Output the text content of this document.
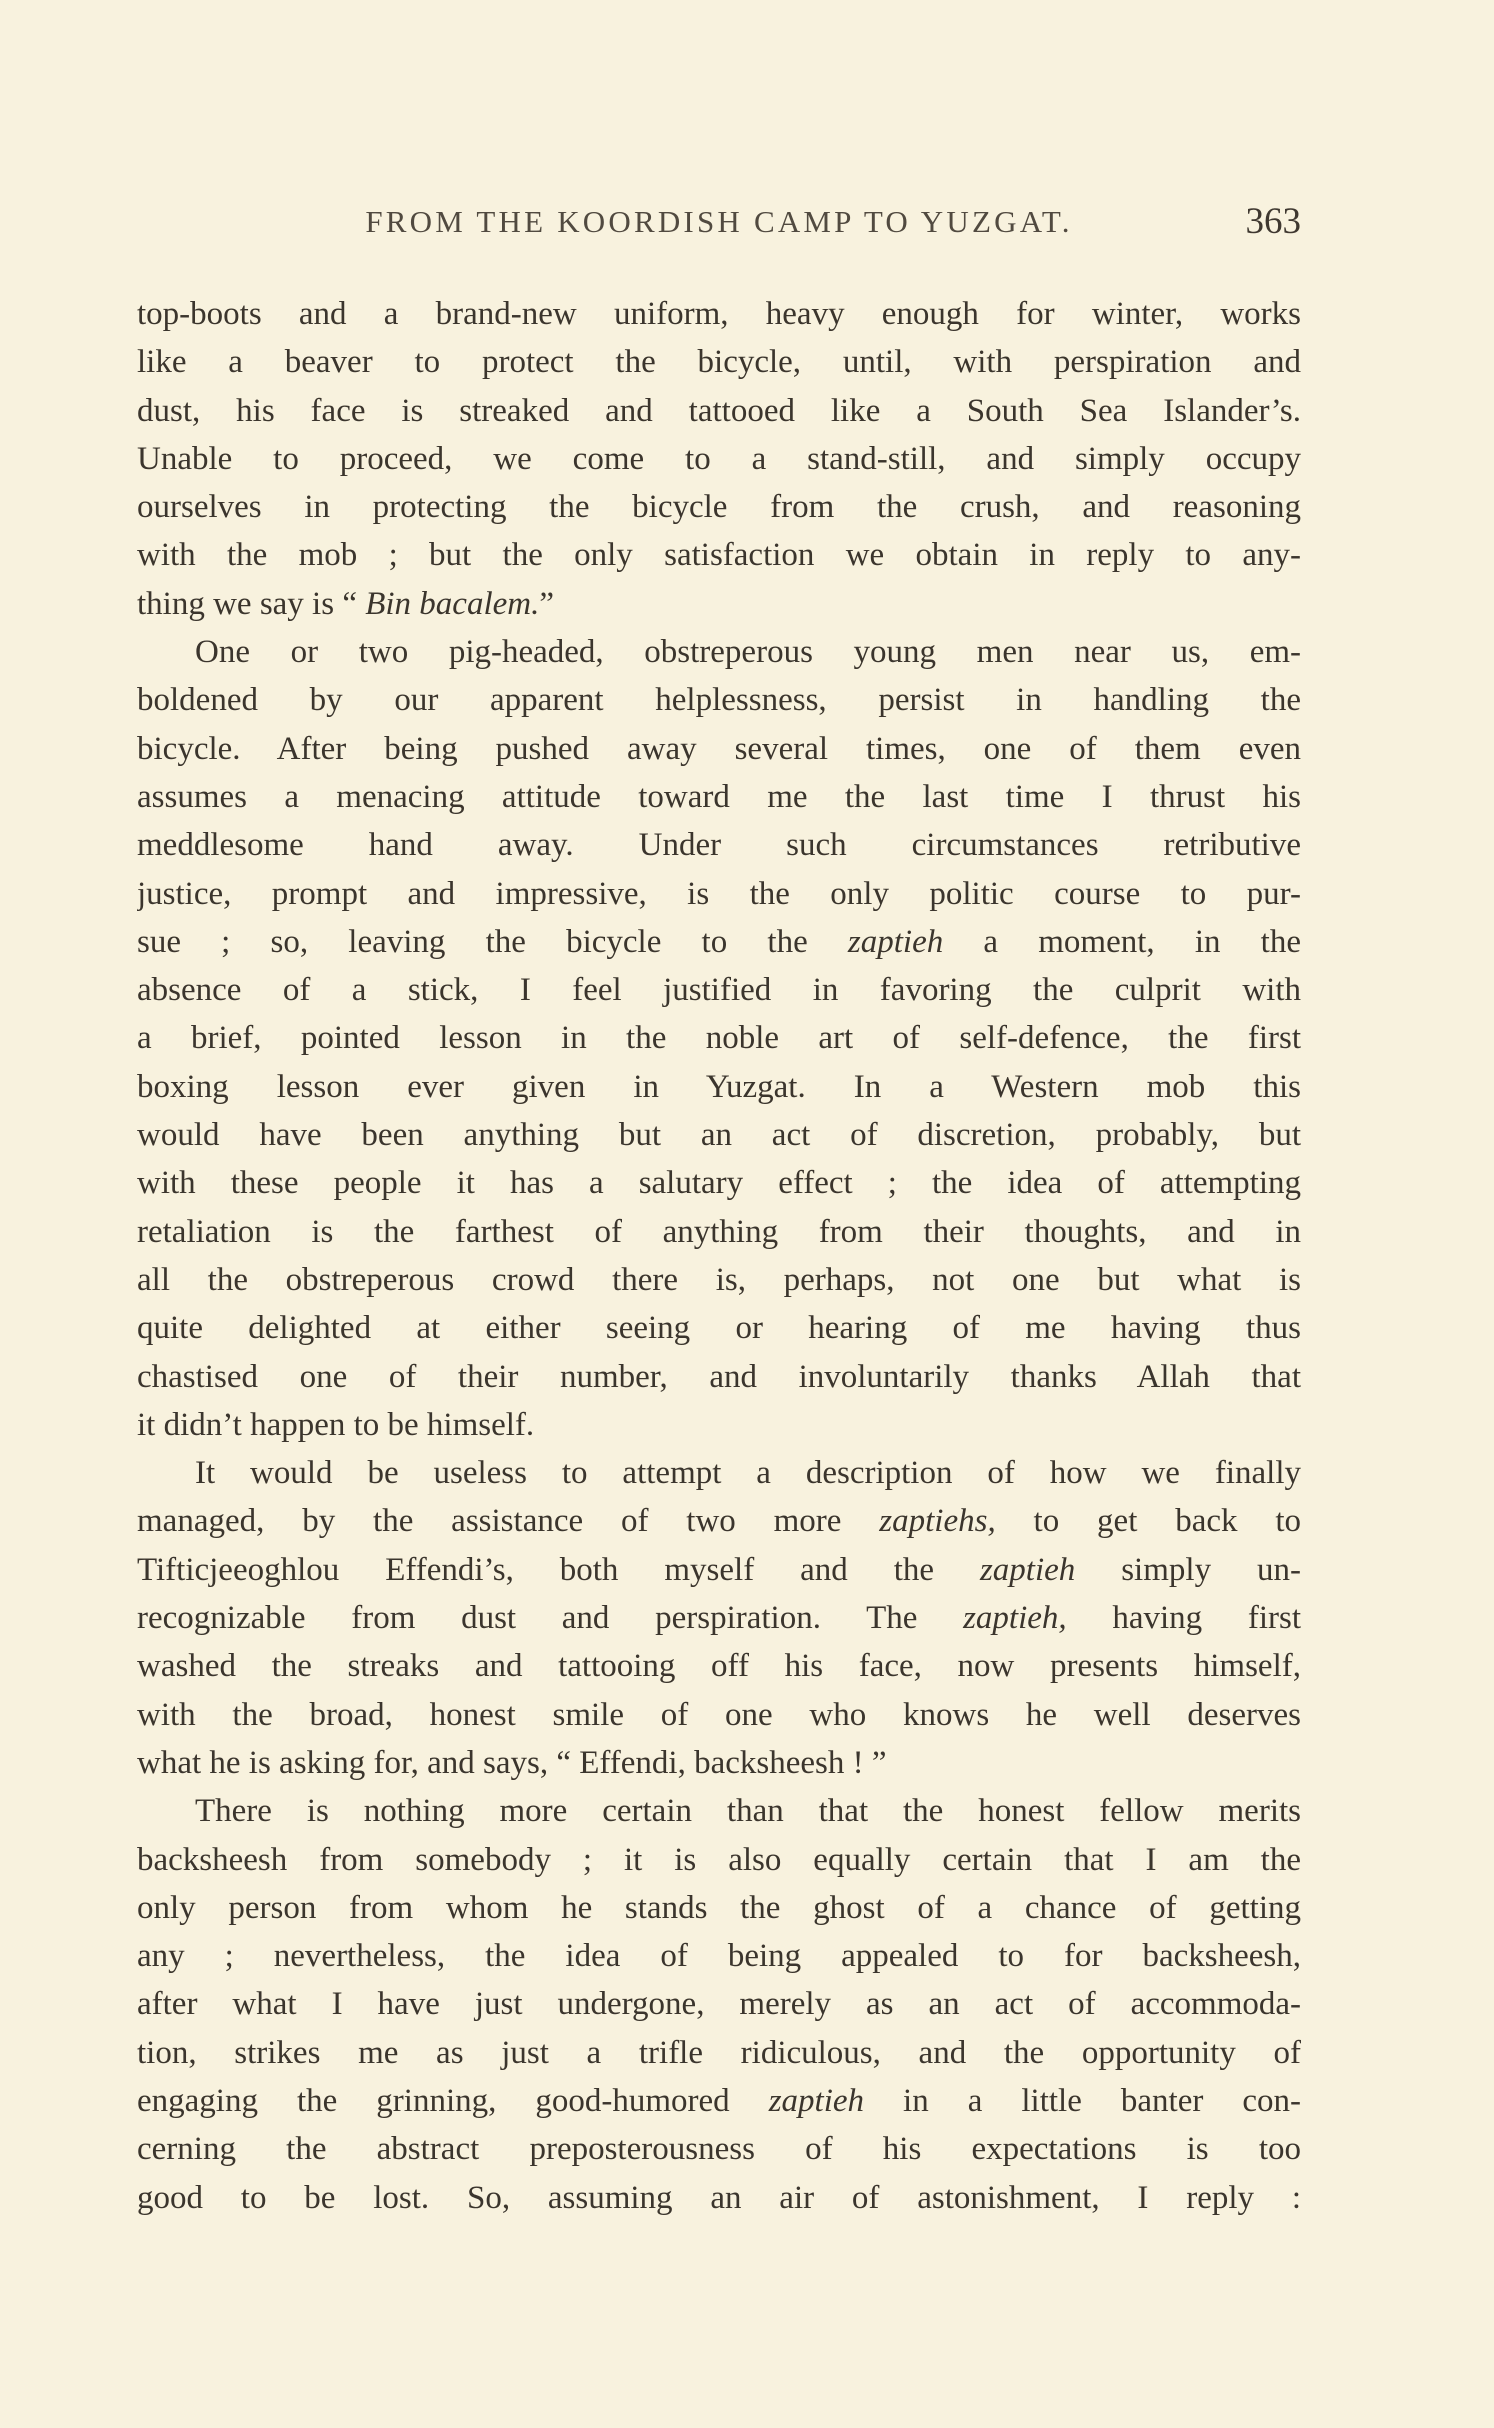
FROM THE KOORDISH CAMP TO YUZGAT.	363
top-boots and a brand-new uniform, heavy enough for winter, works
like a beaver to protect the bicycle, until, with perspiration and
dust, his face is streaked and tattooed like a South Sea Islander’s.
Unable to proceed, we come to a stand-still, and simply occupy
ourselves in protecting the bicycle from the crush, and reasoning
with the mob ; but the only satisfaction we obtain in reply to any-
thing we say is “ Bin bacalem.”
One or two pig-headed, obstreperous young men near us, em-
boldened by our apparent helplessness, persist in handling the
bicycle. After being pushed away several times, one of them even
assumes a menacing attitude toward me the last time I thrust his
meddlesome hand away. Under such circumstances retributive
justice, prompt and impressive, is the only politic course to pur-
sue ; so, leaving the bicycle to the zaptieh a moment, in the
absence of a stick, I feel justified in favoring the culprit with
a brief, pointed lesson in the noble art of self-defence, the first
boxing lesson ever given in Yuzgat. In a Western mob this
would have been anything but an act of discretion, probably, but
with these people it has a salutary effect ; the idea of attempting
retaliation is the farthest of anything from their thoughts, and in
all the obstreperous crowd there is, perhaps, not one but what is
quite delighted at either seeing or hearing of me having thus
chastised one of their number, and involuntarily thanks Allah that
it didn’t happen to be himself.
It would be useless to attempt a description of how we finally
managed, by the assistance of two more zaptiehs, to get back to
Tifticjeeoghlou Effendi’s, both myself and the zaptieh simply un-
recognizable from dust and perspiration. The zaptieh, having first
washed the streaks and tattooing off his face, now presents himself,
with the broad, honest smile of one who knows he well deserves
what he is asking for, and says, “ Effendi, backsheesh ! ”
There is nothing more certain than that the honest fellow merits
backsheesh from somebody ; it is also equally certain that I am the
only person from whom he stands the ghost of a chance of getting
any ; nevertheless, the idea of being appealed to for backsheesh,
after what I have just undergone, merely as an act of accommoda-
tion, strikes me as just a trifle ridiculous, and the opportunity of
engaging the grinning, good-humored zaptieh in a little banter con-
cerning the abstract preposterousness of his expectations is too
good to be lost. So, assuming an air of astonishment, I reply :
